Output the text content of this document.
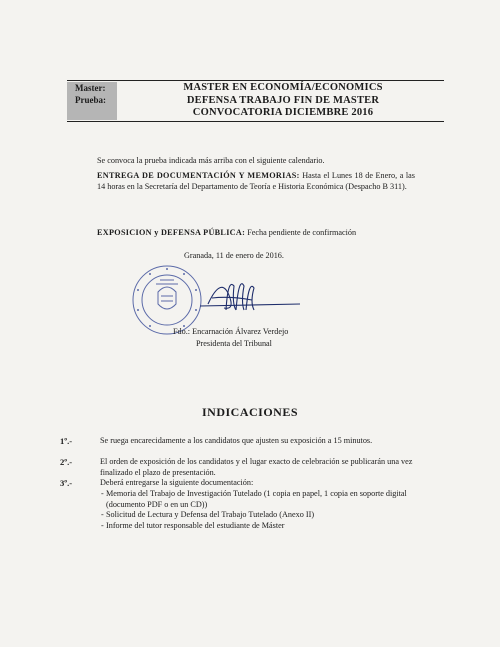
Master:
Prueba:
MASTER EN ECONOMÍA/ECONOMICS
DEFENSA TRABAJO FIN DE MASTER
CONVOCATORIA DICIEMBRE 2016
Se convoca la prueba indicada más arriba con el siguiente calendario.
ENTREGA DE DOCUMENTACIÓN Y MEMORIAS: Hasta el Lunes 18 de Enero, a las 14 horas en la Secretaría del Departamento de Teoría e Historia Económica (Despacho B 311).
EXPOSICION y DEFENSA PÚBLICA: Fecha pendiente de confirmación
Granada, 11 de enero de 2016.
Fdo.: Encarnación Álvarez Verdejo
Presidenta del Tribunal
INDICACIONES
1º.-	Se ruega encarecidamente a los candidatos que ajusten su exposición a 15 minutos.
2º.-	El orden de exposición de los candidatos y el lugar exacto de celebración se publicarán una vez finalizado el plazo de presentación.
3º.-	Deberá entregarse la siguiente documentación:
- Memoria del Trabajo de Investigación Tutelado (1 copia en papel, 1 copia en soporte digital (documento PDF o en un CD))
- Solicitud de Lectura y Defensa del Trabajo Tutelado (Anexo II)
- Informe del tutor responsable del estudiante de Máster
